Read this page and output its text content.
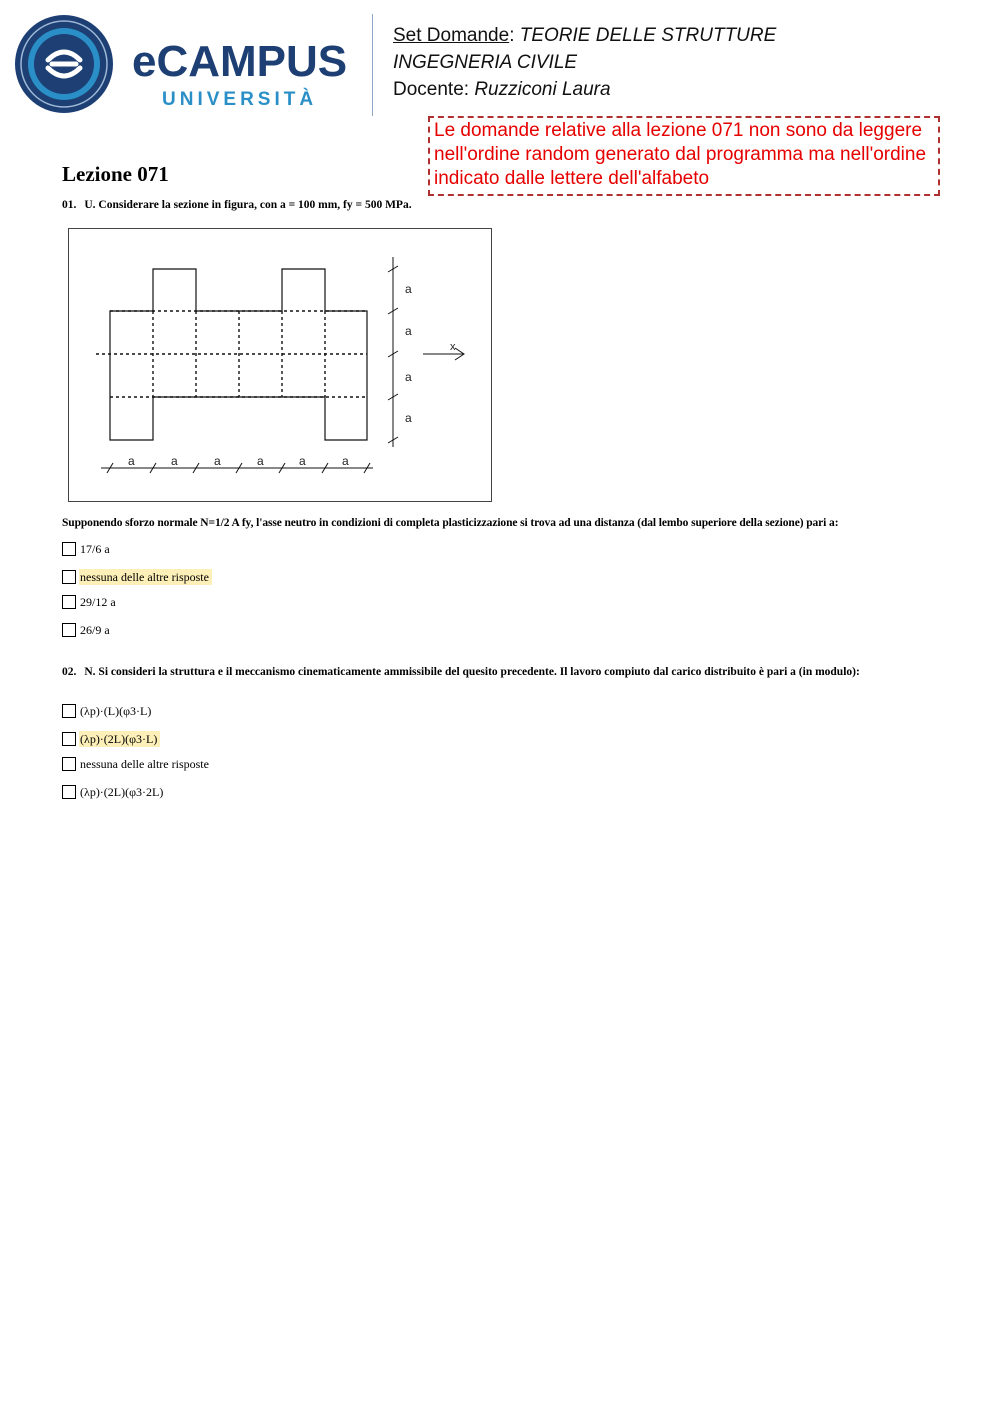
eCAMPUS
UNIVERSITÀ
Set Domande: TEORIE DELLE STRUTTURE
INGEGNERIA CIVILE
Docente: Ruzziconi Laura
Le domande relative alla lezione 071 non sono da leggere nell'ordine random generato dal programma ma nell'ordine indicato dalle lettere dell'alfabeto
Lezione 071
01. U. Considerare la sezione in figura, con a = 100 mm, fy = 500 MPa.
x
a
a
a
a
a	a	a	a	a	a
Supponendo sforzo normale N=1/2 A fy, l'asse neutro in condizioni di completa plasticizzazione si trova ad una distanza (dal lembo superiore della sezione) pari a:
17/6 a
nessuna delle altre risposte
29/12 a
26/9 a
02. N. Si consideri la struttura e il meccanismo cinematicamente ammissibile del quesito precedente. Il lavoro compiuto dal carico distribuito è pari a (in modulo):
(λp)·(L)(φ3·L)
(λp)·(2L)(φ3·L)
nessuna delle altre risposte
(λp)·(2L)(φ3·2L)
